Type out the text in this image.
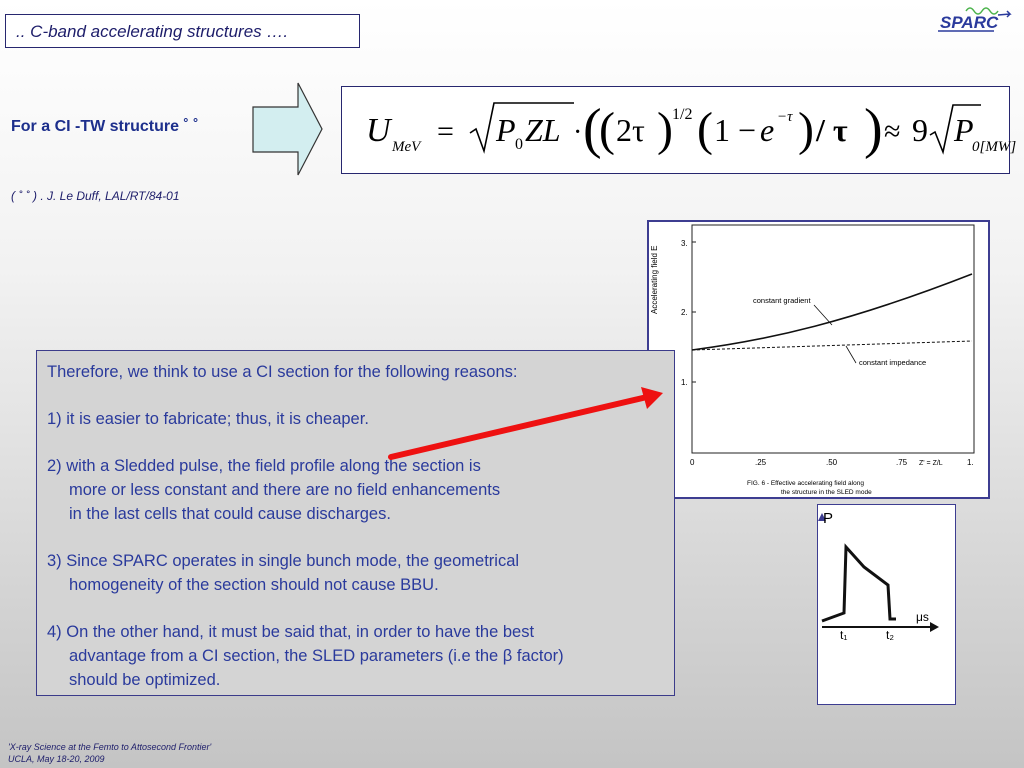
.. C-band accelerating structures ….	SPARC
For a CI -TW structure ˚ ˚
( ˚ ˚ ) . J. Le Duff, LAL/RT/84-01
U MeV = P 0 ZL · (
( 2τ ) 1/2 ( 1 − e −τ ) / τ ) ≈ 9 P
0[MW]
Accelerating field E
3.
2.
1.
0	.25	.50	.75 Z' = Z/L	1.
constant gradient
constant impedance
FIG. 6 - Effective accelerating field along
the structure in the SLED mode
P
μs
t₁	t₂

Therefore, we think to use a CI section for the following reasons:

1) it is easier to fabricate; thus, it is cheaper.

2) with a Sledded pulse, the field profile along the section is

more or less constant and there are no field enhancements

in the last cells that could cause discharges.

3) Since SPARC operates in single bunch mode, the geometrical

homogeneity of the section should not cause BBU.

4) On the other hand, it must be said that, in order to have the best

advantage from a CI section, the SLED parameters (i.e the β factor)

should be optimized.

'X-ray Science at the Femto to Attosecond Frontier'
UCLA, May 18-20, 2009
